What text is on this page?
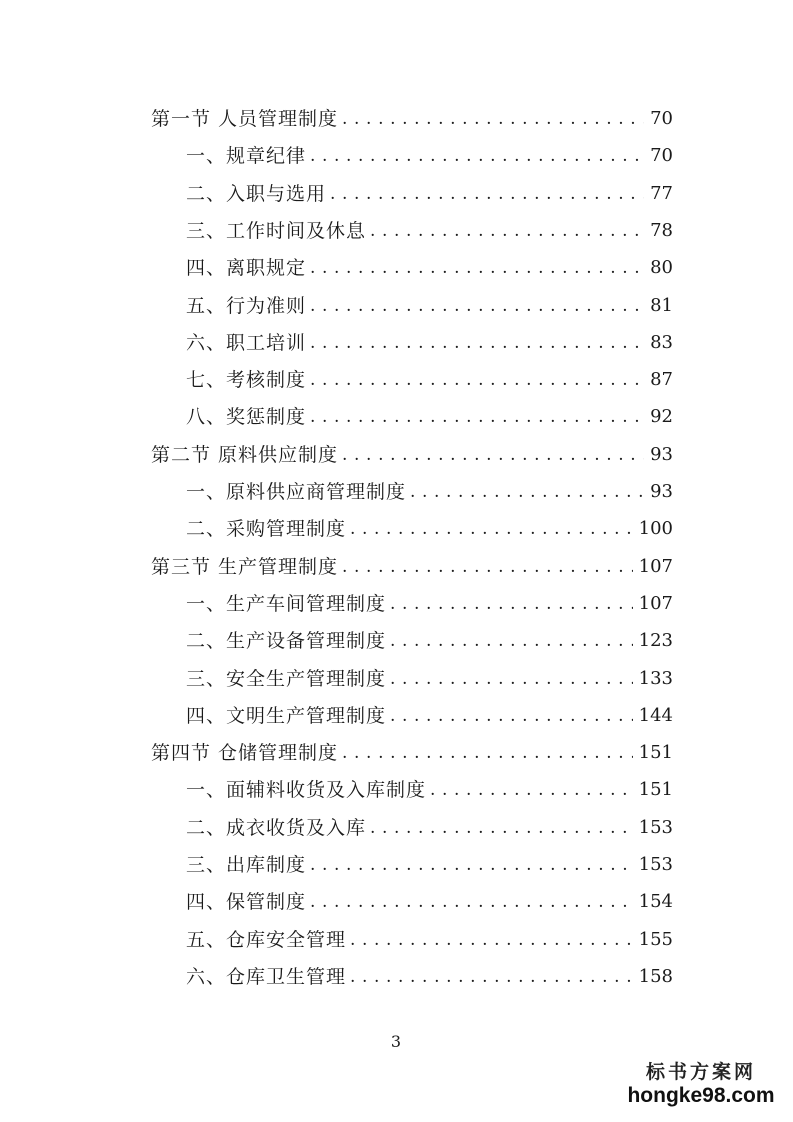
第一节 人员管理制度 . . .	70
一、规章纪律 . . .	70
二、入职与选用 . . .	77
三、工作时间及休息 . . .	78
四、离职规定 . . .	80
五、行为准则 . . .	81
六、职工培训 . . .	83
七、考核制度 . . .	87
八、奖惩制度 . . .	92
第二节 原料供应制度 . . .	93
一、原料供应商管理制度 . . .	93
二、采购管理制度 . . .	100
第三节 生产管理制度 . . .	107
一、生产车间管理制度 . . .	107
二、生产设备管理制度 . . .	123
三、安全生产管理制度 . . .	133
四、文明生产管理制度 . . .	144
第四节 仓储管理制度 . . .	151
一、面辅料收货及入库制度 . . .	151
二、成衣收货及入库 . . .	153
三、出库制度 . . .	153
四、保管制度 . . .	154
五、仓库安全管理 . . .	155
六、仓库卫生管理 . . .	158
3
标书方案网
hongke98.com
